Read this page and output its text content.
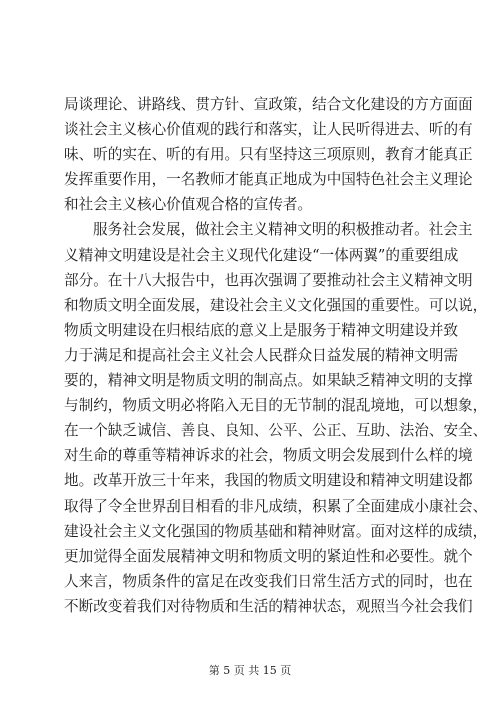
局谈理论、讲路线、贯方针、宣政策，结合文化建设的方方面面
谈社会主义核心价值观的践行和落实，让人民听得进去、听的有
味、听的实在、听的有用。只有坚持这三项原则，教育才能真正
发挥重要作用，一名教师才能真正地成为中国特色社会主义理论
和社会主义核心价值观合格的宣传者。
服务社会发展，做社会主义精神文明的积极推动者。社会主
义精神文明建设是社会主义现代化建设“一体两翼”的重要组成
部分。在十八大报告中，也再次强调了要推动社会主义精神文明
和物质文明全面发展，建设社会主义文化强国的重要性。可以说，
物质文明建设在归根结底的意义上是服务于精神文明建设并致
力于满足和提高社会主义社会人民群众日益发展的精神文明需
要的，精神文明是物质文明的制高点。如果缺乏精神文明的支撑
与制约，物质文明必将陷入无目的无节制的混乱境地，可以想象，
在一个缺乏诚信、善良、良知、公平、公正、互助、法治、安全、
对生命的尊重等精神诉求的社会，物质文明会发展到什么样的境
地。改革开放三十年来，我国的物质文明建设和精神文明建设都
取得了令全世界刮目相看的非凡成绩，积累了全面建成小康社会、
建设社会主义文化强国的物质基础和精神财富。面对这样的成绩，
更加觉得全面发展精神文明和物质文明的紧迫性和必要性。就个
人来言，物质条件的富足在改变我们日常生活方式的同时，也在
不断改变着我们对待物质和生活的精神状态，观照当今社会我们
第 5 页 共 15 页
